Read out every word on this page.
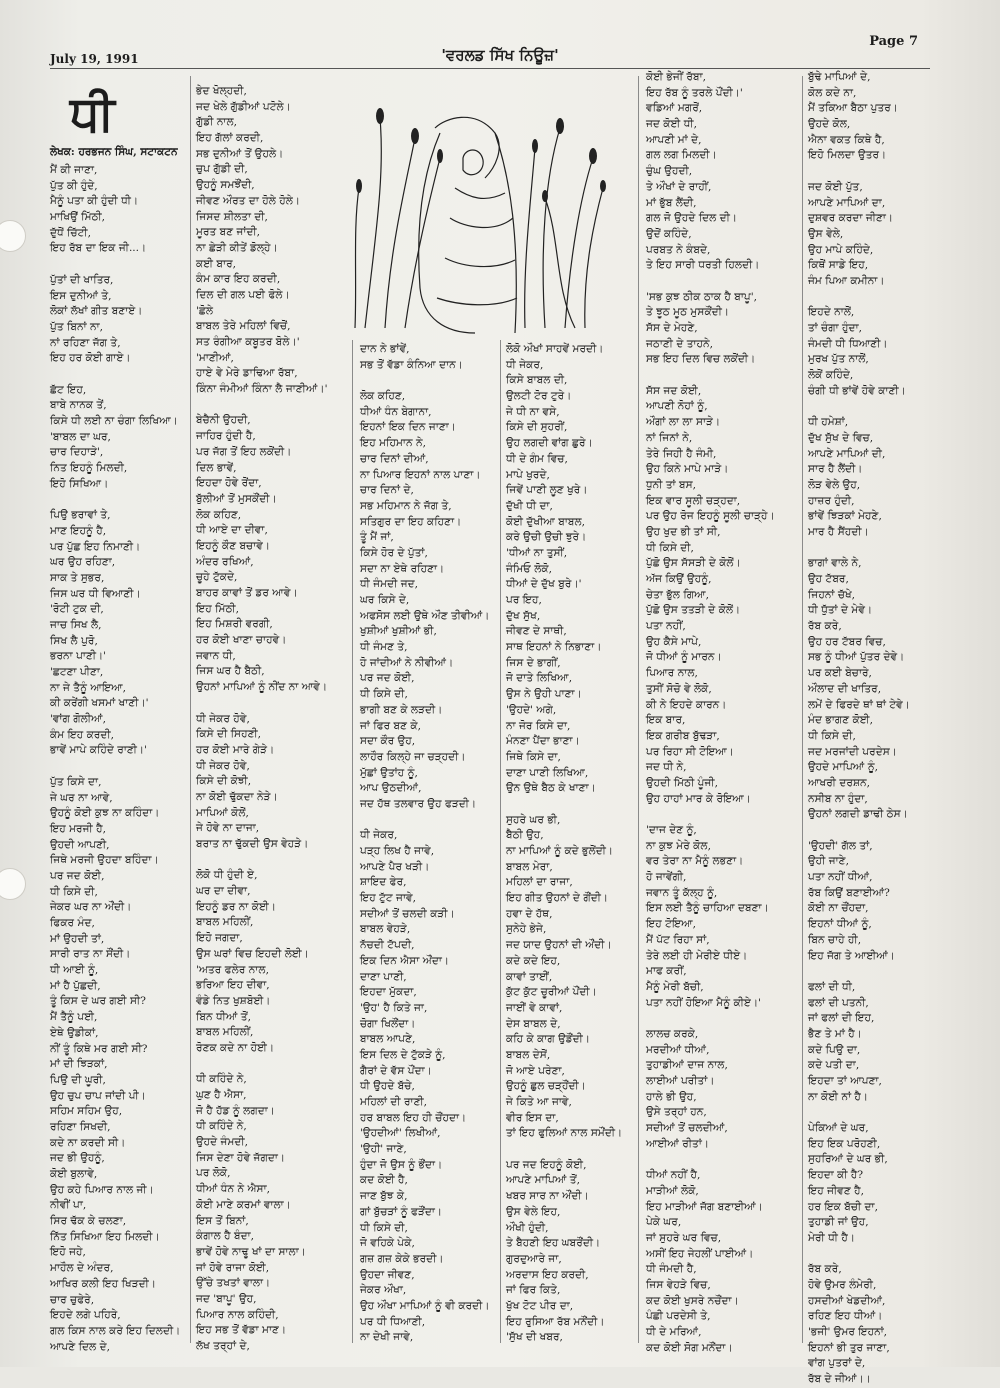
July 19, 1991	'ਵਰਲਡ ਸਿੱਖ ਨਿਊਜ਼'
Page 7
ਧੀ
ਲੇਖਕ: ਹਰਭਜਨ ਸਿੰਘ, ਸਟਾਕਟਨ
ਮੈਂ ਕੀ ਜਾਣਾ,
ਪੁੱਤ ਕੀ ਹੁੰਦੇ,
ਮੈਨੂੰ ਪਤਾ ਕੀ ਹੁੰਦੀ ਧੀ।
ਮਾਖਿਉਂ ਮਿੱਠੀ,
ਦੁੱਧੋਂ ਚਿੱਟੀ,
ਇਹ ਰੱਬ ਦਾ ਇਕ ਜੀ...।
ਪੁੱਤਾਂ ਦੀ ਖਾਤਿਰ,
ਇਸ ਦੁਨੀਆਂ ਤੇ,
ਲੋਕਾਂ ਲੱਖਾਂ ਗੀਤ ਬਣਾਏ।
ਪੁੱਤ ਬਿਨਾਂ ਨਾ,
ਨਾਂ ਰਹਿਣਾ ਜੱਗ ਤੇ,
ਇਹ ਹਰ ਕੋਈ ਗਾਏ।
ਛੱਟ ਇਹ,
ਬਾਬੇ ਨਾਨਕ ਤੇਂ,
ਕਿਸੇ ਧੀ ਲਈ ਨਾ ਚੰਗਾ ਲਿਖਿਆ।
'ਬਾਬਲ ਦਾ ਘਰ,
ਚਾਰ ਦਿਹਾੜੇ',
ਨਿਤ ਇਹਨੂੰ ਮਿਲਦੀ,
ਇਹੋ ਸਿਖਿਆ।
ਪਿਉ ਭਰਾਵਾਂ ਤੇ,
ਮਾਣ ਇਹਨੂੰ ਹੈ,
ਪਰ ਪੁੱਛ ਇਹ ਨਿਮਾਣੀ।
ਘਰ ਉਹ ਰਹਿਣਾ,
ਸਾਕ ਤੇ ਸੁਭਰ,
ਜਿਸ ਘਰ ਧੀ ਵਿਆਣੀ।
'ਰੋਟੀ ਟੁਕ ਦੀ,
ਜਾਚ ਸਿਖ ਲੈ,
ਸਿਖ ਲੈ ਪੁਰੋ,
ਭਰਨਾ ਪਾਣੀ।'
'ਛਟਣਾ ਪੀਣਾ,
ਨਾ ਜੇ ਤੈਨੂੰ ਆਇਆ,
ਕੀ ਕਰੇਂਗੀ ਖਸਮਾਂ ਖਾਣੀ।'
'ਵਾਂਗ ਗੋਲੀਆਂ,
ਕੰਮ ਇਹ ਕਰਦੀ,
ਭਾਵੇਂ ਮਾਪੇ ਕਹਿੰਦੇ ਰਾਣੀ।'
ਪੁੱਤ ਕਿਸੇ ਦਾ,
ਜੇ ਘਰ ਨਾ ਆਵੇ,
ਉਹਨੂੰ ਕੋਈ ਕੁਝ ਨਾ ਕਹਿੰਦਾ।
ਇਹ ਮਰਜੀ ਹੈ,
ਉਹਦੀ ਆਪਣੀ,
ਜਿਥੇ ਮਰਜੀ ਉਹਦਾ ਬਹਿੰਦਾ।
ਪਰ ਜਦ ਕੋਈ,
ਧੀ ਕਿਸੇ ਦੀ,
ਜੇਕਰ ਘਰ ਨਾ ਔਂਦੀ।
ਫਿਕਰ ਮੰਦ,
ਮਾਂ ਉਹਦੀ ਤਾਂ,
ਸਾਰੀ ਰਾਤ ਨਾ ਸੌਂਦੀ।
ਧੀ ਆਈ ਨੂੰ,
ਮਾਂ ਹੈ ਪੁੱਛਦੀ,
ਤੂੰ ਕਿਸ ਦੇ ਘਰ ਗਈ ਸੀ?
ਮੈਂ ਤੈਨੂੰ ਪਈ,
ਏਥੇ ਉਡੀਕਾਂ,
ਨੀਂ ਤੂੰ ਕਿਥੇ ਮਰ ਗਈ ਸੀ?
ਮਾਂ ਦੀ ਝਿੜਕਾਂ,
ਪਿਉ ਦੀ ਘੂਰੀ,
ਉਹ ਚੁਪ ਚਾਪ ਜਾਂਦੀ ਪੀ।
ਸਹਿਮ ਸਹਿਮ ਉਹ,
ਰਹਿਣਾ ਸਿਖਦੀ,
ਕਦੇ ਨਾ ਕਰਦੀ ਸੀ।
ਜਦ ਭੀ ਉਹਨੂੰ,
ਕੋਈ ਬੁਲਾਵੇ,
ਉਹ ਕਹੇ ਪਿਆਰ ਨਾਲ ਜੀ।
ਨੀਵੀਂ ਪਾ,
ਸਿਰ ਢੱਕ ਕੇ ਚਲਣਾ,
ਨਿੱਤ ਸਿਖਿਆ ਇਹ ਮਿਲਦੀ।
ਇਹੋ ਜਹੇ,
ਮਾਹੌਲ ਦੇ ਅੰਦਰ,
ਆਖਿਰ ਕਲੀ ਇਹ ਖਿੜਦੀ।
ਚਾਰ ਚੁਫੇਰੇ,
ਇਹਦੇ ਲਗੇ ਪਹਿਰੇ,
ਗਲ ਕਿਸ ਨਾਲ ਕਰੇ ਇਹ ਦਿਲਦੀ।
ਆਪਣੇ ਦਿਲ ਦੇ,
ਭੇਦ ਖੋਲ੍ਹਦੀ,
ਜਦ ਖੇਲੇ ਗੁੱਡੀਆਂ ਪਟੋਲੇ।
ਗੁੱਡੀ ਨਾਲ,
ਇਹ ਗੱਲਾਂ ਕਰਦੀ,
ਸਭ ਦੁਨੀਆਂ ਤੋਂ ਉਹਲੇ।
ਚੁਪ ਗੁੱਡੀ ਦੀ,
ਉਹਨੂੰ ਸਮਝੌਂਦੀ,
ਜੀਵਣ ਔਰਤ ਦਾ ਹੋਲੇ ਹੋਲੇ।
ਜਿਸਦ ਸ਼ੀਲਤਾ ਦੀ,
ਮੂਰਤ ਬਣ ਜਾਂਦੀ,
ਨਾ ਛੇੜੀ ਕੀਤੇਂ ਡੋਲ੍ਹੇ।
ਕਈ ਬਾਰ,
ਕੰਮ ਕਾਰ ਇਹ ਕਰਦੀ,
ਦਿਲ ਦੀ ਗਲ ਪਈ ਫੋਲੇ।
'ਛੋਲੇ
ਬਾਬਲ ਤੇਰੇ ਮਹਿਲਾਂ ਵਿਚੋਂ,
ਸਤ ਰੰਗੀਆ ਕਬੂਤਰ ਬੋਲੇ।'
'ਮਾਣੀਆਂ,
ਹਾਏ ਵੇ ਮੇਰੇ ਡਾਢਿਆ ਰੱਬਾ,
ਕਿੰਨਾ ਜੰਮੀਆਂ ਕਿੰਨਾ ਲੈ ਜਾਣੀਆਂ।'
ਬੇਚੈਨੀ ਉਹਦੀ,
ਜਾਹਿਰ ਹੁੰਦੀ ਹੈ,
ਪਰ ਜੱਗ ਤੋਂ ਇਹ ਲਕੋਂਦੀ।
ਦਿਲ ਭਾਵੇਂ,
ਇਹਦਾ ਹੋਵੇ ਰੋਂਦਾ,
ਬੁੱਲੀਆਂ ਤੋਂ ਮੁਸਕੌਂਦੀ।
ਲੋਕ ਕਹਿਣ,
ਧੀ ਆਏ ਦਾ ਦੀਵਾ,
ਇਹਨੂੰ ਕੌਣ ਬਚਾਵੇ।
ਅੰਦਰ ਰਖਿਆਂ,
ਚੂਹੇ ਟੁੱਕਦੇ,
ਬਾਹਰ ਕਾਵਾਂ ਤੋਂ ਡਰ ਆਵੇ।
ਇਹ ਮਿੱਠੀ,
ਇਹ ਮਿਸ਼ਰੀ ਵਰਗੀ,
ਹਰ ਕੋਈ ਖਾਣਾ ਚਾਹਵੇ।
ਜਵਾਨ ਧੀ,
ਜਿਸ ਘਰ ਹੈ ਬੈਠੀ,
ਉਹਨਾਂ ਮਾਪਿਆਂ ਨੂੰ ਨੀਂਦ ਨਾ ਆਵੇ।
ਧੀ ਜੇਕਰ ਹੋਵੇ,
ਕਿਸੇ ਦੀ ਸਿਹਣੀ,
ਹਰ ਕੋਈ ਮਾਰੇ ਗੇੜੇ।
ਧੀ ਜੇਕਰ ਹੋਵੇ,
ਕਿਸੇ ਦੀ ਕੋਝੀ,
ਨਾ ਕੋਈ ਢੁੱਕਦਾ ਨੇੜੇ।
ਮਾਪਿਆਂ ਕੋਲੋਂ,
ਜੇ ਹੋਵੇ ਨਾ ਦਾਜਾ,
ਬਰਾਤ ਨਾ ਢੁੱਕਦੀ ਉਸ ਵੇਹੜੇ।
ਲੋਕੋ ਧੀ ਹੁੰਦੀ ਏ,
ਘਰ ਦਾ ਦੀਵਾ,
ਇਹਨੂੰ ਡਰ ਨਾ ਕੋਈ।
ਬਾਬਲ ਮਹਿਲੀਂ,
ਇਹੋ ਜਗਦਾ,
ਉਸ ਘਰਾਂ ਵਿਚ ਇਹਦੀ ਲੋਈ।
'ਅਤਰ ਫਲੇਰ ਨਾਲ,
ਭਰਿਆ ਇਹ ਦੀਵਾ,
ਵੰਡੇ ਨਿਤ ਖੁਸ਼ਬੋਈ।
ਬਿਨ ਧੀਆਂ ਤੋਂ,
ਬਾਬਲ ਮਹਿਲੀਂ,
ਰੋਣਕ ਕਦੇ ਨਾ ਹੋਈ।
ਧੀ ਕਹਿੰਦੇ ਨੇ,
ਘੁਣ ਹੈ ਐਸਾ,
ਜੋ ਹੈ ਹੱਡ ਨੂੰ ਲਗਦਾ।
ਧੀ ਕਹਿੰਦੇ ਨੇ,
ਉਹਦੇ ਜੰਮਦੀ,
ਜਿਸ ਦੇਣਾ ਹੋਵੇ ਜੱਗਦਾ।
ਪਰ ਲੋਕੋ,
ਧੀਆਂ ਧੰਨ ਨੇ ਐਸਾ,
ਕੋਈ ਮਾਣੇ ਕਰਮਾਂ ਵਾਲਾ।
ਇਸ ਤੋਂ ਬਿਨਾਂ,
ਕੰਗਾਲ ਹੈ ਬੰਦਾ,
ਭਾਵੇਂ ਹੋਵੇ ਨਾਢੂ ਖਾਂ ਦਾ ਸਾਲਾ।
ਜਾਂ ਹੋਵੇ ਰਾਜਾ ਕੋਈ,
ਉੱਚੇ ਤਖਤਾਂ ਵਾਲਾ।
ਜਦ 'ਬਾਪੂ' ਉਹ,
ਪਿਆਰ ਨਾਲ ਕਹਿੰਦੀ,
ਇਹ ਸਭ ਤੋਂ ਵੱਡਾ ਮਾਣ।
ਲੱਖ ਤਰ੍ਹਾਂ ਦੇ,
ਦਾਨ ਨੇ ਭਾਂਵੇਂ,
ਸਭ ਤੋਂ ਵੱਡਾ ਕੰਨਿਆ ਦਾਨ।
ਲੋਕ ਕਹਿਣ,
ਧੀਆਂ ਧੰਨ ਬੇਗਾਨਾ,
ਇਹਨਾਂ ਇਕ ਦਿਨ ਜਾਣਾ।
ਇਹ ਮਹਿਮਾਨ ਨੇ,
ਚਾਰ ਦਿਨਾਂ ਦੀਆਂ,
ਨਾ ਪਿਆਰ ਇਹਨਾਂ ਨਾਲ ਪਾਣਾ।
ਚਾਰ ਦਿਨਾਂ ਦੇ,
ਸਭ ਮਹਿਮਾਨ ਨੇ ਜੱਗ ਤੇ,
ਸਤਿਗੁਰ ਦਾ ਇਹ ਕਹਿਣਾ।
ਤੂੰ ਮੈਂ ਜਾਂ,
ਕਿਸੇ ਹੋਰ ਦੇ ਪੁੱਤਾਂ,
ਸਦਾ ਨਾ ਏਥੇ ਰਹਿਣਾ।
ਧੀ ਜੰਮਦੀ ਜਦ,
ਘਰ ਕਿਸੇ ਦੇ,
ਅਫਸੋਸ ਲਈ ਉਥੇ ਔਣ ਤੀਵੀਆਂ।
ਖੁਸ਼ੀਆਂ ਖੁਸ਼ੀਆਂ ਭੀ,
ਧੀ ਜੰਮਣ ਤੇ,
ਹੋ ਜਾਂਦੀਆਂ ਨੇ ਨੀਵੀਆਂ।
ਪਰ ਜਦ ਕੋਈ,
ਧੀ ਕਿਸੇ ਦੀ,
ਭਾਗੀ ਬਣ ਕੇ ਲੜਦੀ।
ਜਾਂ ਫਿਰ ਬਣ ਕੇ,
ਸਦਾ ਕੌਰ ਉਹ,
ਲਾਹੌਰ ਕਿਲ੍ਹੇ ਜਾ ਚੜ੍ਹਦੀ।
ਮੁੱਛਾਂ ਉਤਾਂਹ ਨੂੰ,
ਆਪ ਉਠਦੀਆਂ,
ਜਦ ਹੱਥ ਤਲਵਾਰ ਉਹ ਫੜਦੀ।
ਧੀ ਜੇਕਰ,
ਪੜ੍ਹ ਲਿਖ ਹੈ ਜਾਵੇ,
ਆਪਣੇ ਪੈਰ ਖੜੀ।
ਸ਼ਾਇਦ ਫੇਰ,
ਇਹ ਟੁੱਟ ਜਾਵੇ,
ਸਦੀਆਂ ਤੋਂ ਚਲਦੀ ਕੜੀ।
ਬਾਬਲ ਵੇਹੜੇ,
ਨੱਚਦੀ ਟੱਪਦੀ,
ਇਕ ਦਿਨ ਐਸਾ ਔਂਦਾ।
ਦਾਣਾ ਪਾਣੀ,
ਇਹਦਾ ਮੁੱਕਦਾ,
'ਉਹ' ਹੈ ਕਿਤੇ ਜਾ,
ਚੋਗਾ ਖਿਲੌਂਦਾ।
ਬਾਬਲ ਆਪਣੇ,
ਇਸ ਦਿਲ ਦੇ ਟੁੱਕੜੇ ਨੂੰ,
ਗੈਰਾਂ ਦੇ ਵੱਸ ਪੌਂਦਾ।
ਧੀ ਉਹਦੇ ਬੱਚੇ,
ਮਹਿਲਾਂ ਦੀ ਰਾਣੀ,
ਹਰ ਬਾਬਲ ਇਹ ਹੀ ਚੌਂਹਦਾ।
'ਉਹਦੀਆਂ' ਲਿਖੀਆਂ,
'ਉਹੀ' ਜਾਣੇ,
ਹੁੰਦਾ ਜੋ ਉਸ ਨੂੰ ਭੌਂਦਾ।
ਕਦ ਕੋਈ ਹੈ,
ਜਾਣ ਬੁੱਝ ਕੇ,
ਗਾਂ ਬੁੱਚੜਾਂ ਨੂੰ ਫੜੌਂਦਾ।
ਧੀ ਕਿਸੇ ਦੀ,
ਜੋ ਵਹਿਕੇ ਪੇਕੇ,
ਗਜ਼ ਗਜ਼ ਕੇਕੇ ਭਰਦੀ।
ਉਹਦਾ ਜੀਵਣ,
ਜੇਕਰ ਔਖਾ,
ਉਹ ਔਖਾ ਮਾਪਿਆਂ ਨੂੰ ਵੀ ਕਰਦੀ।
ਪਰ ਧੀ ਧਿਆਣੀ,
ਨਾ ਦੇਖੀ ਜਾਵੇ,
ਲੋਕੋ ਔਖਾਂ ਸਾਹਵੇਂ ਮਰਦੀ।
ਧੀ ਜੇਕਰ,
ਕਿਸੇ ਬਾਬਲ ਦੀ,
ਉਲਟੀ ਟੋਰ ਟੁਰੇ।
ਜੇ ਧੀ ਨਾ ਵਸੇ,
ਕਿਸੇ ਦੀ ਸੁਹਰੀਂ,
ਉਹ ਲਗਦੀ ਵਾਂਗ ਛੁਰੇ।
ਧੀ ਦੇ ਗੰਮ ਵਿਚ,
ਮਾਪੇ ਖੁਰਦੇ,
ਜਿਵੇਂ ਪਾਣੀ ਲੂਣ ਖੁਰੇ।
ਦੁੱਖੀ ਧੀ ਦਾ,
ਕੋਈ ਦੁੱਖੀਆ ਬਾਬਲ,
ਕਰੇ ਉਚੀ ਉਚੀ ਝੁਰੇ।
'ਧੀਆਂ ਨਾ ਤੁਸੀਂ,
ਜੰਮਿਓ ਲੋਕੋ,
ਧੀਆਂ ਦੇ ਦੁੱਖ ਬੁਰੇ।'
ਪਰ ਇਹ,
ਦੁੱਖ ਸੁੱਖ,
ਜੀਵਣ ਦੇ ਸਾਥੀ,
ਸਾਥ ਇਹਨਾਂ ਨੇ ਨਿਭਾਣਾ।
ਜਿਸ ਦੇ ਭਾਗੀਂ,
ਜੋ ਦਾਤੇ ਲਿਖਿਆ,
ਉਸ ਨੇ ਉਹੀ ਪਾਣਾ।
'ਉਹਦੇ' ਅਗੇ,
ਨਾ ਜੋਰ ਕਿਸੇ ਦਾ,
ਮੰਨਣਾ ਪੈਂਦਾ ਭਾਣਾ।
ਜਿਥੇ ਕਿਸੇ ਦਾ,
ਦਾਣਾ ਪਾਣੀ ਲਿਖਿਆ,
ਉਨ ਉਥੇ ਬੈਠ ਕੇ ਖਾਣਾ।
ਸੁਹਰੇ ਘਰ ਭੀ,
ਬੈਠੀ ਉਹ,
ਨਾ ਮਾਪਿਆਂ ਨੂੰ ਕਦੇ ਭੁਲੋਂਦੀ।
ਬਾਬਲ ਮੇਰਾ,
ਮਹਿਲਾਂ ਦਾ ਰਾਜਾ,
ਇਹ ਗੀਤ ਉਹਨਾਂ ਦੇ ਗੌਂਦੀ।
ਹਵਾ ਦੇ ਹੱਥ,
ਸੁਨੇਹੇ ਭੇਜੇ,
ਜਦ ਯਾਦ ਉਹਨਾਂ ਦੀ ਔਂਦੀ।
ਕਦੇ ਕਦੇ ਇਹ,
ਕਾਵਾਂ ਤਾਈਂ,
ਕੁੱਟ ਕੁੱਟ ਚੂਰੀਆਂ ਪੌਂਦੀ।
ਜਾਈਂ ਵੇ ਕਾਵਾਂ,
ਦੇਸ ਬਾਬਲ ਦੇ,
ਕਹਿ ਕੇ ਕਾਗ ਉਡੌਂਦੀ।
ਬਾਬਲ ਦੇਸੋਂ,
ਜੋ ਆਏ ਪਰੇਣਾ,
ਉਹਨੂੰ ਛੁਲ ਚੜ੍ਹੌਂਦੀ।
ਜੇ ਕਿਤੇ ਆ ਜਾਵੇ,
ਵੀਰ ਇਸ ਦਾ,
ਤਾਂ ਇਹ ਫੁਲਿਆਂ ਨਾਲ ਸਮੌਂਦੀ।
ਪਰ ਜਦ ਇਹਨੂੰ ਕੋਈ,
ਆਪਣੇ ਮਾਪਿਆਂ ਤੋਂ,
ਖਬਰ ਸਾਰ ਨਾ ਔਂਦੀ।
ਉਸ ਵੇਲੇ ਇਹ,
ਔਖੀ ਹੁੰਦੀ,
ਤੇ ਬੈਹਣੀ ਇਹ ਘਬਰੌਂਦੀ।
ਗੁਰਦੁਆਰੇ ਜਾ,
ਅਰਦਾਸ ਇਹ ਕਰਦੀ,
ਜਾਂ ਫਿਰ ਕਿਤੇ,
ਖੁੱਖ ਟੋਟ ਪੀਰ ਦਾ,
ਇਹ ਰੁਸਿਆ ਰੱਬ ਮਨੌਂਦੀ।
'ਸੁੱਖ ਦੀ ਖਬਰ,
ਕੋਈ ਭੇਜੀਂ ਰੱਬਾ,
ਇਹ ਰੱਬ ਨੂੰ ਤਰਲੇ ਪੌਂਦੀ।'
ਵਡਿਆਂ ਮਗਰੋਂ,
ਜਦ ਕੋਈ ਧੀ,
ਆਪਣੀ ਮਾਂ ਦੇ,
ਗਲ ਲਗ ਮਿਲਦੀ।
ਚੁੰਘ ਉਹਦੀ,
ਤੇ ਔਖਾਂ ਦੇ ਰਾਹੀਂ,
ਮਾਂ ਭੁੱਬ ਲੈਂਦੀ,
ਗਲ ਜੋ ਉਹਦੇ ਦਿਲ ਦੀ।
ਉਦੋਂ ਕਹਿੰਦੇ,
ਪਰਬਤ ਨੇ ਕੰਬਦੇ,
ਤੇ ਇਹ ਸਾਰੀ ਧਰਤੀ ਹਿਲਦੀ।
'ਸਭ ਕੁਝ ਠੀਕ ਠਾਕ ਹੈ ਬਾਪੂ',
ਤੇ ਝੂਠ ਮੂਠ ਮੁਸਕੌਂਦੀ।
ਸੱਸ ਦੇ ਮੇਹਣੇ,
ਜਠਾਣੀ ਦੇ ਤਾਹਨੇ,
ਸਭ ਇਹ ਦਿਲ ਵਿਚ ਲਕੋਂਦੀ।
ਸੱਸ ਜਦ ਕੋਈ,
ਆਪਣੀ ਨੋਹਾਂ ਨੂੰ,
ਔਗਾਂ ਲਾ ਲਾ ਸਾੜੇ।
ਨਾਂ ਜਿਨਾਂ ਨੇ,
ਤੇਰੇ ਜਿਹੀ ਹੈ ਜੰਮੀ,
ਉਹ ਕਿਨੇ ਮਾਪੇ ਮਾੜੇ।
ਧੁਨੀ ਤਾਂ ਬਸ,
ਇਕ ਵਾਰ ਸੂਲੀ ਚੜ੍ਹਦਾ,
ਪਰ ਉਹ ਰੋਜ ਇਹਨੂੰ ਸੂਲੀ ਚਾੜ੍ਹੇ।
ਉਹ ਖੁਦ ਭੀ ਤਾਂ ਸੀ,
ਧੀ ਕਿਸੇ ਦੀ,
ਪੁੱਛੋ ਉਸ ਸੱਸੜੀ ਦੇ ਕੋਲੋਂ।
ਅੱਜ ਕਿਉਂ ਉਹਨੂੰ,
ਚੇਤਾ ਭੁੱਲ ਗਿਆ,
ਪੁੱਛੋ ਉਸ ਤਤੜੀ ਦੇ ਕੋਲੋਂ।
ਪਤਾ ਨਹੀਂ,
ਉਹ ਕੈਸੇ ਮਾਪੇ,
ਜੋ ਧੀਆਂ ਨੂੰ ਮਾਰਨ।
ਪਿਆਰ ਨਾਲ,
ਤੁਸੀਂ ਸੋਚੋ ਵੇ ਲੋਕੋ,
ਕੀ ਨੇ ਇਹਦੇ ਕਾਰਨ।
ਇਕ ਬਾਰ,
ਇਕ ਗਰੀਬ ਬੁੱਢੜਾ,
ਪਰ ਰਿਹਾ ਸੀ ਟੋਇਆ।
ਜਦ ਧੀ ਨੇ,
ਉਹਦੀ ਮਿੱਠੀ ਪੂੰਜੀ,
ਉਹ ਹਾਹਾਂ ਮਾਰ ਕੇ ਰੋਇਆ।
'ਦਾਜ ਦੇਣ ਨੂੰ,
ਨਾ ਕੁਝ ਮੇਰੇ ਕੋਲ,
ਵਰ ਤੇਰਾ ਨਾ ਮੈਨੂੰ ਲਭਣਾ।
ਹੋ ਜਾਵੇਂਗੀ,
ਜਵਾਨ ਤੂੰ ਕੱਲ੍ਹ ਨੂੰ,
ਇਸ ਲਈ ਤੈਨੂੰ ਚਾਹਿਆ ਦਬਣਾ।
ਇਹ ਟੋਇਆ,
ਮੈਂ ਪੱਟ ਰਿਹਾ ਸਾਂ,
ਤੇਰੇ ਲਈ ਹੀ ਮੇਰੀਏ ਧੀਏ।
ਮਾਫ ਕਰੀਂ,
ਮੈਨੂੰ ਮੇਰੀ ਬੱਚੀ,
ਪਤਾ ਨਹੀਂ ਹੋਇਆ ਮੈਨੂੰ ਕੀਏ।'
ਲਾਲਚ ਕਰਕੇ,
ਮਰਦੀਆਂ ਧੀਆਂ,
ਤੁਹਾਡੀਆਂ ਦਾਜ ਨਾਲ,
ਲਾਈਆਂ ਪਰੀਤਾਂ।
ਹਾਲੇ ਭੀ ਉਹ,
ਉਸੇ ਤਰ੍ਹਾਂ ਹਨ,
ਸਦੀਆਂ ਤੋਂ ਚਲਦੀਆਂ,
ਆਈਆਂ ਰੀਤਾਂ।
ਧੀਆਂ ਨਹੀਂ ਹੈ,
ਮਾੜੀਆਂ ਲੋਕੋ,
ਇਹ ਮਾੜੀਆਂ ਜੱਗ ਬਣਾਈਆਂ।
ਪੇਕੇ ਘਰ,
ਜਾਂ ਸੁਹਰੇ ਘਰ ਵਿਚ,
ਅਸੀਂ ਇਹ ਜੇਹਲੀਂ ਪਾਈਆਂ।
ਧੀ ਜੰਮਦੀ ਹੈ,
ਜਿਸ ਵੇਹੜੇ ਵਿਚ,
ਕਦ ਕੋਈ ਖੁਸਰੇ ਨਚੌਂਦਾ।
ਪੰਛੀ ਪਰਦੇਸੀ ਤੇ,
ਧੀ ਦੇ ਮਰਿਆਂ,
ਕਦ ਕੋਈ ਸੋਗ ਮਨੌਂਦਾ।
ਬੁੱਢੇ ਮਾਪਿਆਂ ਦੇ,
ਕੋਲ ਕਦੇ ਨਾ,
ਮੈਂ ਤਕਿਆ ਬੈਠਾ ਪੁਤਰ।
ਉਹਦੇ ਕੋਲ,
ਐਨਾ ਵਕਤ ਕਿਥੇ ਹੈ,
ਇਹੋ ਮਿਲਦਾ ਉਤਰ।
ਜਦ ਕੋਈ ਪੁੱਤ,
ਆਪਣੇ ਮਾਪਿਆਂ ਦਾ,
ਦੁਸ਼ਵਰ ਕਰਦਾ ਜੀਣਾ।
ਉਸ ਵੇਲੇ,
ਉਹ ਮਾਪੇ ਕਹਿੰਦੇ,
ਕਿਥੋਂ ਸਾਡੇ ਇਹ,
ਜੰਮ ਪਿਆ ਕਮੀਨਾ।
ਇਹਦੇ ਨਾਲੋਂ,
ਤਾਂ ਚੰਗਾ ਹੁੰਦਾ,
ਜੰਮਦੀ ਧੀ ਧਿਆਣੀ।
ਮੁਰਖ ਪੁੱਤ ਨਾਲੋਂ,
ਲੋਕੋਂ ਕਹਿੰਦੇ,
ਚੰਗੀ ਧੀ ਭਾਂਵੇਂ ਹੋਵੇ ਕਾਣੀ।
ਧੀ ਹਮੇਸ਼ਾਂ,
ਦੁੱਖ ਸੁੱਖ ਦੇ ਵਿਚ,
ਆਪਣੇ ਮਾਪਿਆਂ ਦੀ,
ਸਾਰ ਹੈ ਲੈਂਦੀ।
ਲੋੜ ਵੇਲੇ ਉਹ,
ਹਾਜ਼ਰ ਹੁੰਦੀ,
ਭਾਂਵੇਂ ਝਿੜਕਾਂ ਮੇਹਣੇ,
ਮਾਰ ਹੈ ਸੈਂਹਦੀ।
ਭਾਗਾਂ ਵਾਲੇ ਨੇ,
ਉਹ ਟੱਬਰ,
ਜਿਹਨਾਂ ਚੱਖੇ,
ਧੀ ਧੁੱਤਾਂ ਦੇ ਮੇਵੇ।
ਰੱਬ ਕਰੇ,
ਉਹ ਹਰ ਟੱਬਰ ਵਿਚ,
ਸਭ ਨੂੰ ਧੀਆਂ ਪੁੱਤਰ ਦੇਵੇ।
ਪਰ ਕਈ ਬੇਚਾਰੇ,
ਔਲਾਦ ਦੀ ਖਾਤਿਰ,
ਲਮੇਂ ਦੇ ਫਿਰਦੇ ਥਾਂ ਥਾਂ ਟੇਵੇ।
ਮੰਦ ਭਾਗਣ ਕੋਈ,
ਧੀ ਕਿਸੇ ਦੀ,
ਜਦ ਮਰਜਾਂਦੀ ਪਰਦੇਸ।
ਉਹਦੇ ਮਾਪਿਆਂ ਨੂੰ,
ਆਖਰੀ ਦਰਸ਼ਨ,
ਨਸੀਬ ਨਾ ਹੁੰਦਾ,
ਉਹਨਾਂ ਲਗਦੀ ਡਾਢੀ ਠੇਸ।
'ਉਹਦੀ' ਗੱਲ ਤਾਂ,
ਉਹੀ ਜਾਣੇ,
ਪਤਾ ਨਹੀਂ ਧੀਆਂ,
ਰੱਬ ਕਿਉਂ ਬਣਾਈਆਂ?
ਕੋਈ ਨਾ ਚੌਂਹਦਾ,
ਇਹਨਾਂ ਧੀਆਂ ਨੂੰ,
ਬਿਨ ਚਾਹੇ ਹੀ,
ਇਹ ਜੱਗ ਤੇ ਆਈਆਂ।
ਫਲਾਂ ਦੀ ਧੀ,
ਫਲਾਂ ਦੀ ਪਤਨੀ,
ਜਾਂ ਫਲਾਂ ਦੀ ਇਹ,
ਭੈਣ ਤੇ ਮਾਂ ਹੈ।
ਕਦੇ ਪਿਉ ਦਾ,
ਕਦੇ ਪਤੀ ਦਾ,
ਇਹਦਾ ਤਾਂ ਆਪਣਾ,
ਨਾ ਕੋਈ ਨਾਂ ਹੈ।
ਪੇਕਿਆਂ ਦੇ ਘਰ,
ਇਹ ਇਕ ਪਰੋਹਣੀ,
ਸੁਹਰਿਆਂ ਦੇ ਘਰ ਭੀ,
ਇਹਦਾ ਕੀ ਹੈ?
ਇਹ ਜੀਵਣ ਹੈ,
ਹਰ ਇਕ ਬੱਚੀ ਦਾ,
ਤੁਹਾਡੀ ਜਾਂ ਉਹ,
ਮੇਰੀ ਧੀ ਹੈ।
ਰੱਬ ਕਰੇ,
ਹੋਵੇ ਉਮਰ ਲੰਮੇਰੀ,
ਹਸਦੀਆਂ ਖੇਡਦੀਆਂ,
ਰਹਿਣ ਇਹ ਧੀਆਂ।
'ਭਜੀ' ਉਮਰ ਇਹਨਾਂ,
ਇਹਨਾਂ ਭੀ ਤੁਰ ਜਾਣਾ,
ਵਾਂਗ ਪੁਤਰਾਂ ਦੇ,
ਰੱਬ ਦੇ ਜੀਆਂ।।
